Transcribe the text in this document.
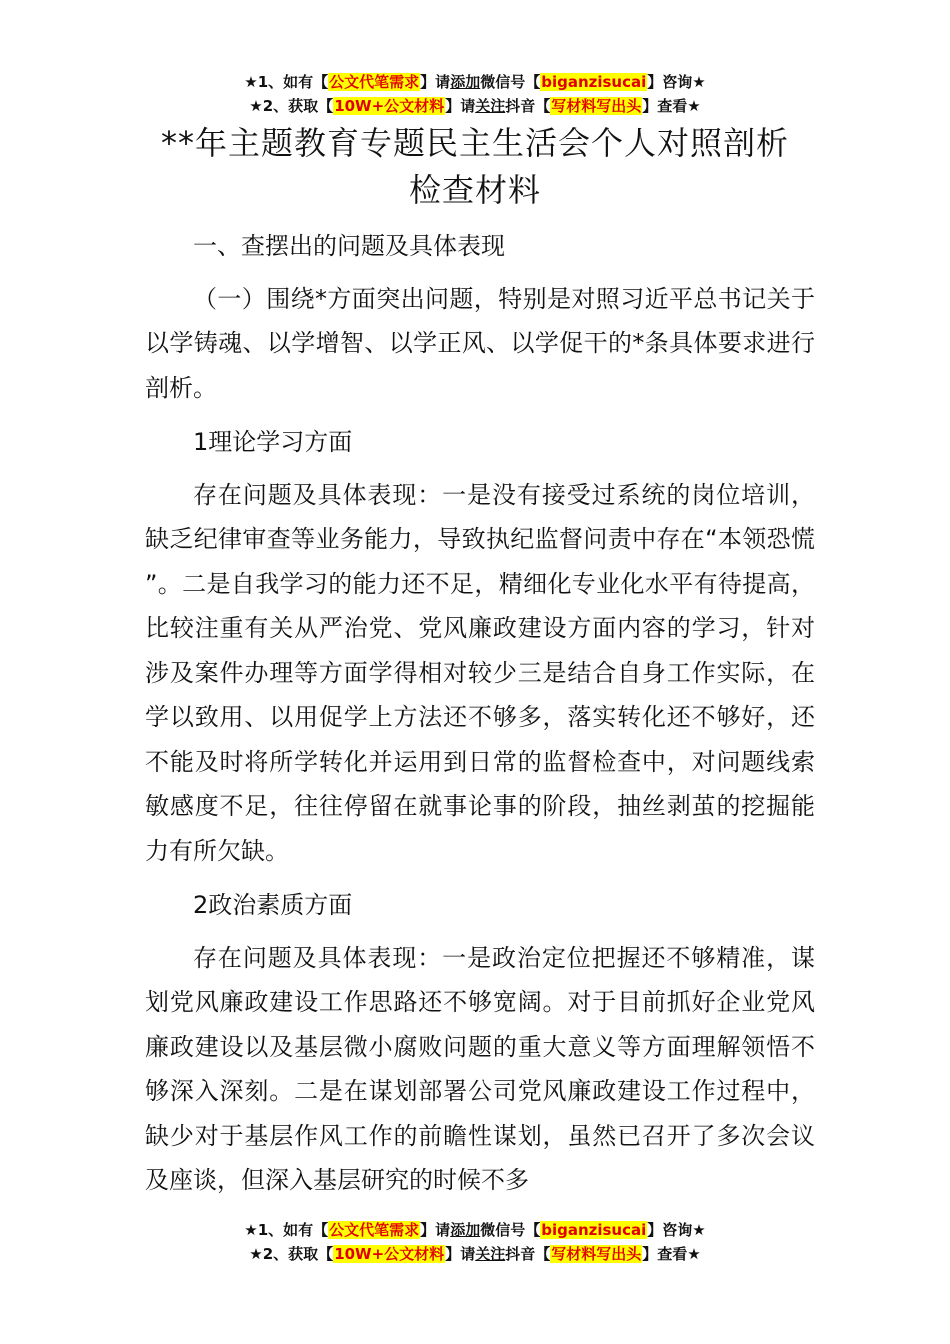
★1、如有【公文代笔需求】请添加微信号【biganzisucai】咨询★
★2、获取【10W+公文材料】请关注抖音【写材料写出头】查看★
**年主题教育专题民主生活会个人对照剖析
检查材料

一、查摆出的问题及具体表现

（一）围绕*方面突出问题，特别是对照习近平总书记关于以学铸魂、以学增智、以学正风、以学促干的*条具体要求进行剖析。

1理论学习方面

存在问题及具体表现：一是没有接受过系统的岗位培训，缺乏纪律审查等业务能力，导致执纪监督问责中存在“本领恐慌 ”。二是自我学习的能力还不足，精细化专业化水平有待提高，比较注重有关从严治党、党风廉政建设方面内容的学习，针对涉及案件办理等方面学得相对较少三是结合自身工作实际，在学以致用、以用促学上方法还不够多，落实转化还不够好，还不能及时将所学转化并运用到日常的监督检查中，对问题线索敏感度不足，往往停留在就事论事的阶段，抽丝剥茧的挖掘能力有所欠缺。

2政治素质方面

存在问题及具体表现：一是政治定位把握还不够精准，谋划党风廉政建设工作思路还不够宽阔。对于目前抓好企业党风廉政建设以及基层微小腐败问题的重大意义等方面理解领悟不够深入深刻。二是在谋划部署公司党风廉政建设工作过程中，缺少对于基层作风工作的前瞻性谋划，虽然已召开了多次会议及座谈，但深入基层研究的时候不多

★1、如有【公文代笔需求】请添加微信号【biganzisucai】咨询★
★2、获取【10W+公文材料】请关注抖音【写材料写出头】查看★
